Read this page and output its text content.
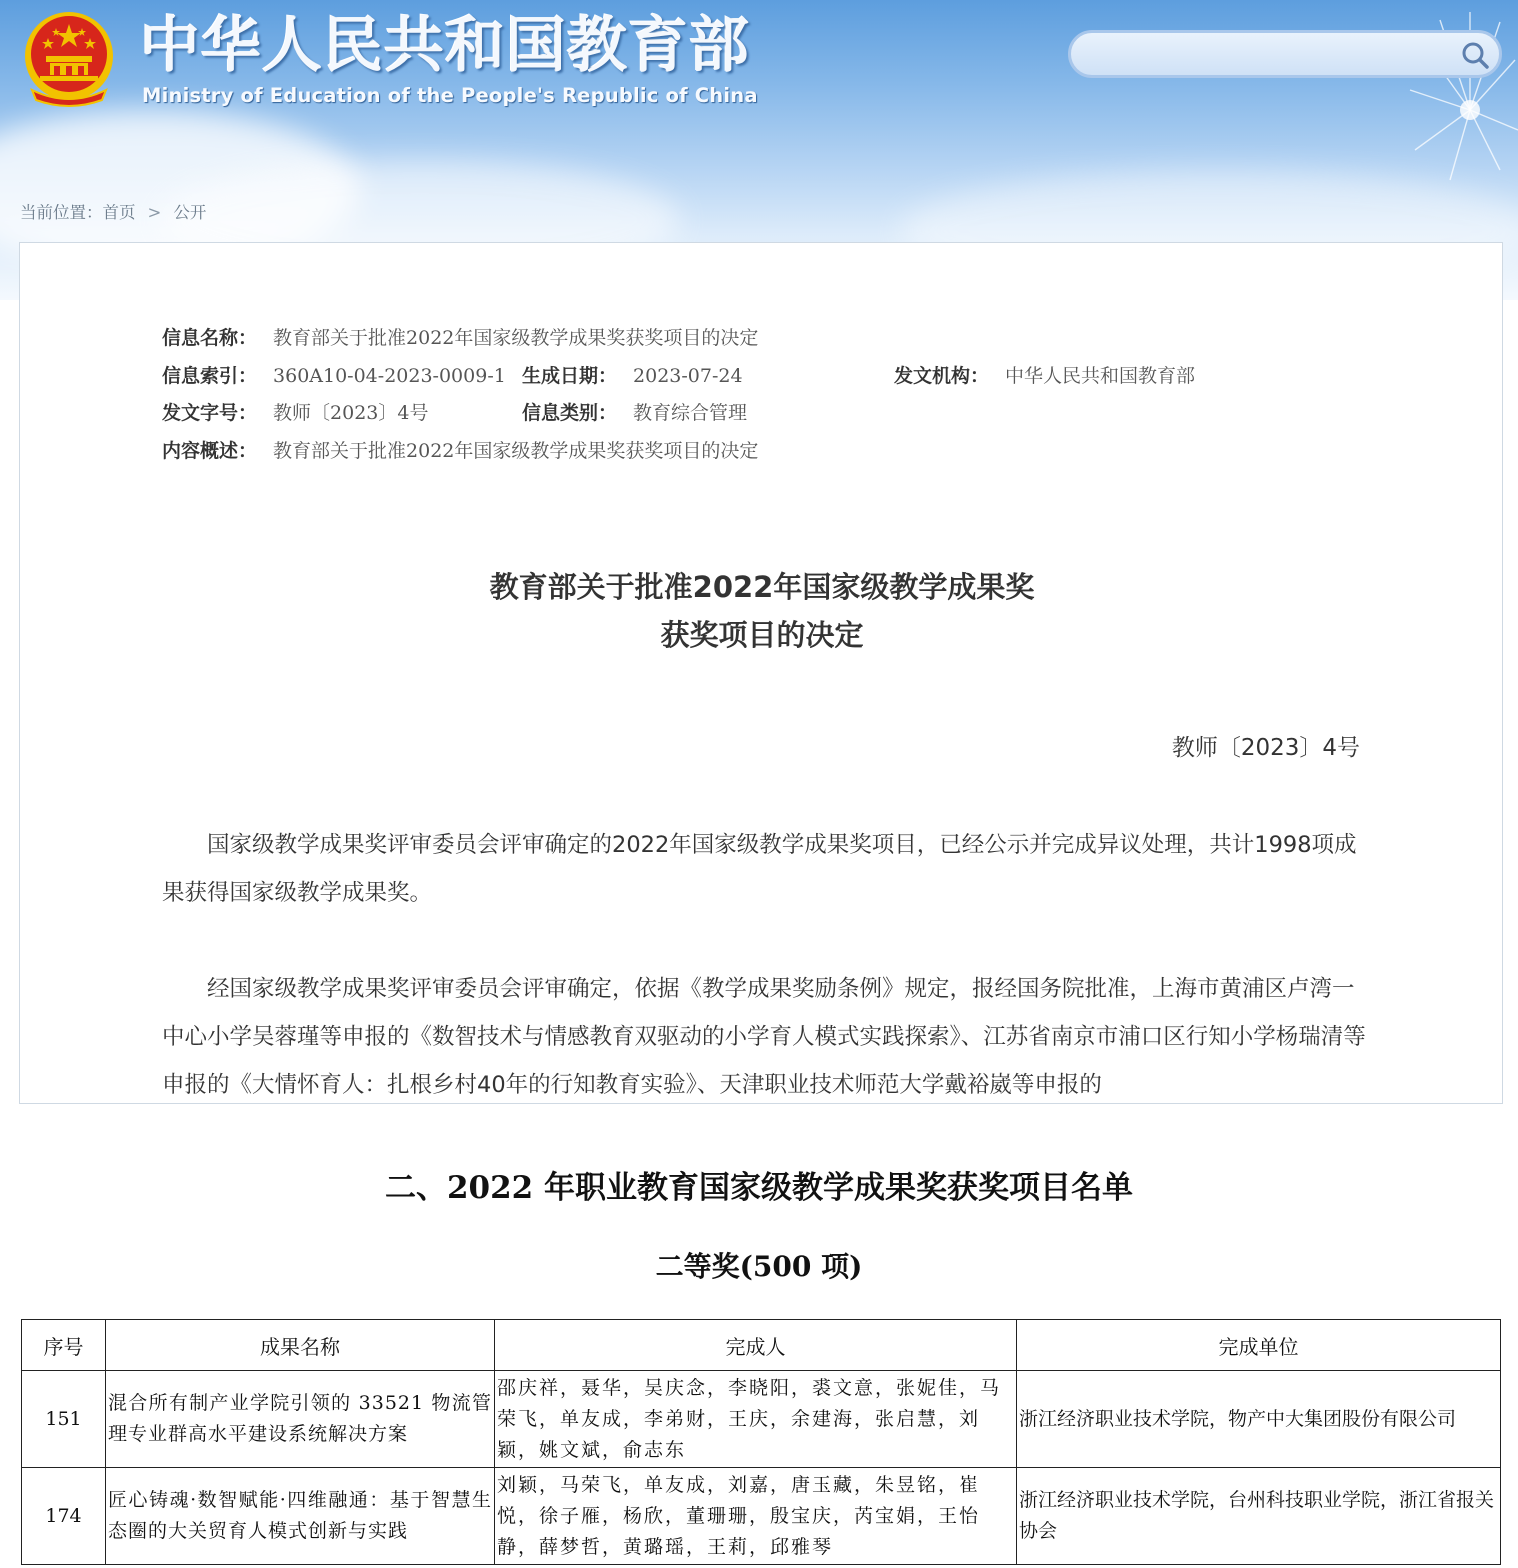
中华人民共和国教育部

Ministry of Education of the People's Republic of China

当前位置：首页 > 公开
信息名称： 教育部关于批准2022年国家级教学成果奖获奖项目的决定
信息索引： 360A10-04-2023-0009-1 生成日期： 2023-07-24	发文机构： 中华人民共和国教育部
发文字号： 教师〔2023〕4号	信息类别： 教育综合管理
内容概述： 教育部关于批准2022年国家级教学成果奖获奖项目的决定
教育部关于批准2022年国家级教学成果奖
获奖项目的决定
教师〔2023〕4号

国家级教学成果奖评审委员会评审确定的2022年国家级教学成果奖项目，已经公示并完成异议处理，共计1998项成果获得国家级教学成果奖。

经国家级教学成果奖评审委员会评审确定，依据《教学成果奖励条例》规定，报经国务院批准，上海市黄浦区卢湾一中心小学吴蓉瑾等申报的《数智技术与情感教育双驱动的小学育人模式实践探索》、江苏省南京市浦口区行知小学杨瑞清等申报的《大情怀育人：扎根乡村40年的行知教育实验》、天津职业技术师范大学戴裕崴等申报的

二、2022 年职业教育国家级教学成果奖获奖项目名单
二等奖(500 项)
序号	成果名称	完成人	完成单位
151	混合所有制产业学院引领的 33521 物流管理专业群高水平建设系统解决方案	邵庆祥，聂华，吴庆念，李晓阳，裘文意，张妮佳，马荣飞，单友成，李弟财，王庆，余建海，张启慧，刘颖，姚文斌，俞志东	浙江经济职业技术学院，物产中大集团股份有限公司
174	匠心铸魂·数智赋能·四维融通：基于智慧生态圈的大关贸育人模式创新与实践	刘颖，马荣飞，单友成，刘嘉，唐玉藏，朱昱铭，崔悦，徐子雁，杨欣，董珊珊，殷宝庆，芮宝娟，王怡静，薛梦哲，黄璐瑶，王莉，邱雅琴	浙江经济职业技术学院，台州科技职业学院，浙江省报关协会
